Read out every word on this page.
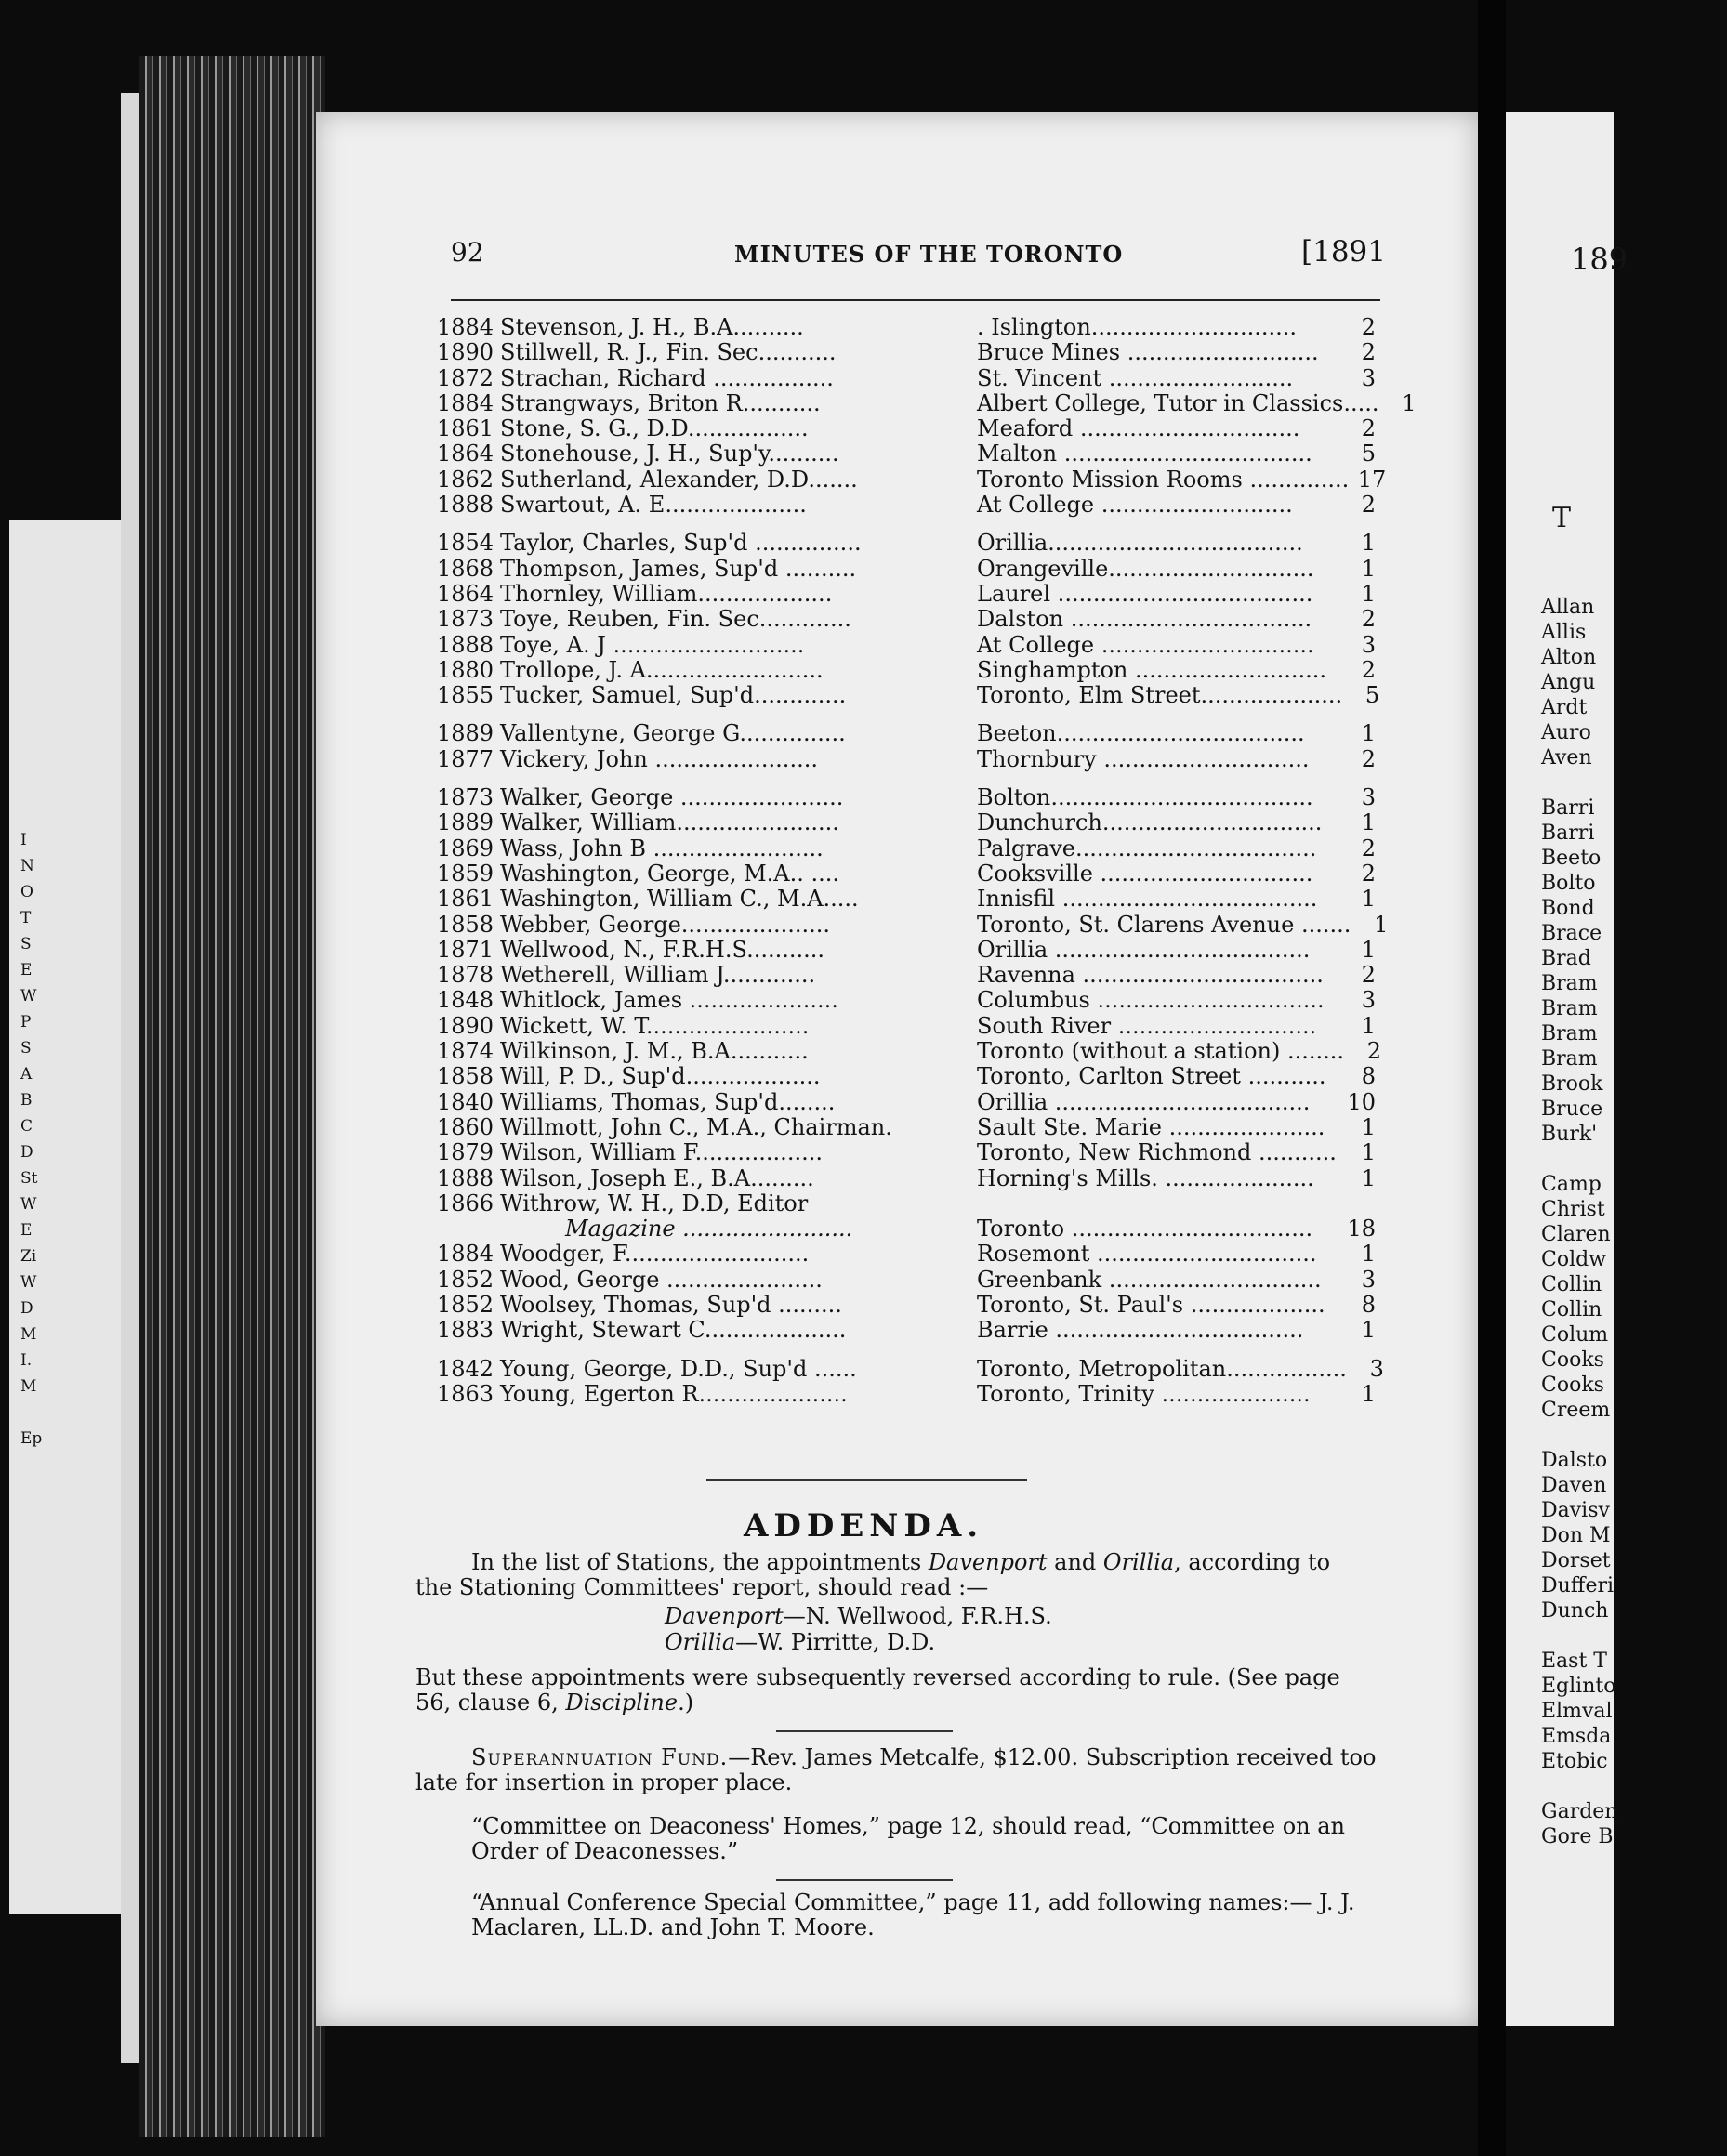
I
N
O
T
S
E
W
P
S
A
B
C
D
St
W
E
Zi
W
D
M
I.
M
Ep
189
T
Allan
Allis
Alton
Angu
Ardt
Auro
Aven
Barri
Barri
Beeto
Bolto
Bond
Brace
Brad
Bram
Bram
Bram
Bram
Brook
Bruce
Burk'
Camp
Christ
Claren
Coldw
Collin
Collin
Colum
Cooks
Cooks
Creem
Dalsto
Daven
Davisv
Don M
Dorset
Dufferi
Dunch
East T
Eglinto
Elmval
Emsda
Etobic
Garden
Gore B
92	MINUTES OF THE TORONTO	[1891
1884 Stevenson, J. H., B.A..........	. Islington.............................	2
1890 Stillwell, R. J., Fin. Sec...........	Bruce Mines ...........................	2
1872 Strachan, Richard .................	St. Vincent ..........................	3
1884 Strangways, Briton R...........	Albert College, Tutor in Classics.....	1
1861 Stone, S. G., D.D.................	Meaford ...............................	2
1864 Stonehouse, J. H., Sup'y..........	Malton ...................................	5
1862 Sutherland, Alexander, D.D.......	Toronto Mission Rooms .............. 17
1888 Swartout, A. E....................	At College ...........................	2
1854 Taylor, Charles, Sup'd ...............	Orillia....................................	1
1868 Thompson, James, Sup'd ..........	Orangeville.............................	1
1864 Thornley, William...................	Laurel ....................................	1
1873 Toye, Reuben, Fin. Sec.............	Dalston ..................................	2
1888 Toye, A. J ...........................	At College ..............................	3
1880 Trollope, J. A.........................	Singhampton ...........................	2
1855 Tucker, Samuel, Sup'd.............	Toronto, Elm Street....................	5
1889 Vallentyne, George G...............	Beeton...................................	1
1877 Vickery, John .......................	Thornbury .............................	2
1873 Walker, George .......................	Bolton.....................................	3
1889 Walker, William.......................	Dunchurch...............................	1
1869 Wass, John B ........................	Palgrave..................................	2
1859 Washington, George, M.A.. ....	Cooksville ..............................	2
1861 Washington, William C., M.A.....	Innisfil ....................................	1
1858 Webber, George.....................	Toronto, St. Clarens Avenue .......	1
1871 Wellwood, N., F.R.H.S...........	Orillia ....................................	1
1878 Wetherell, William J.............	Ravenna ..................................	2
1848 Whitlock, James .....................	Columbus ................................	3
1890 Wickett, W. T.......................	South River ............................	1
1874 Wilkinson, J. M., B.A...........	Toronto (without a station) ........	2
1858 Will, P. D., Sup'd...................	Toronto, Carlton Street ...........	8
1840 Williams, Thomas, Sup'd........	Orillia ....................................	10
1860 Willmott, John C., M.A., Chairman.	Sault Ste. Marie ......................	1
1879 Wilson, William F..................	Toronto, New Richmond ...........	1
1888 Wilson, Joseph E., B.A.........	Horning's Mills. .....................	1
1866 Withrow, W. H., D.D, Editor
Magazine ........................	Toronto ..................................	18
1884 Woodger, F..........................	Rosemont ...............................	1
1852 Wood, George ......................	Greenbank ..............................	3
1852 Woolsey, Thomas, Sup'd .........	Toronto, St. Paul's ...................	8
1883 Wright, Stewart C....................	Barrie ...................................	1
1842 Young, George, D.D., Sup'd ......	Toronto, Metropolitan.................	3
1863 Young, Egerton R.....................	Toronto, Trinity .....................	1
ADDENDA.
In the list of Stations, the appointments Davenport and Orillia, according to
the Stationing Committees' report, should read :—
Davenport—N. Wellwood, F.R.H.S.
Orillia—W. Pirritte, D.D.
But these appointments were subsequently reversed according to rule. (See page 56, clause 6, Discipline.)
Superannuation Fund.—Rev. James Metcalfe, $12.00. Subscription received too late for insertion in proper place.
“Committee on Deaconess' Homes,” page 12, should read, “Committee on an Order of Deaconesses.”
“Annual Conference Special Committee,” page 11, add following names:— J. J. Maclaren, LL.D. and John T. Moore.
